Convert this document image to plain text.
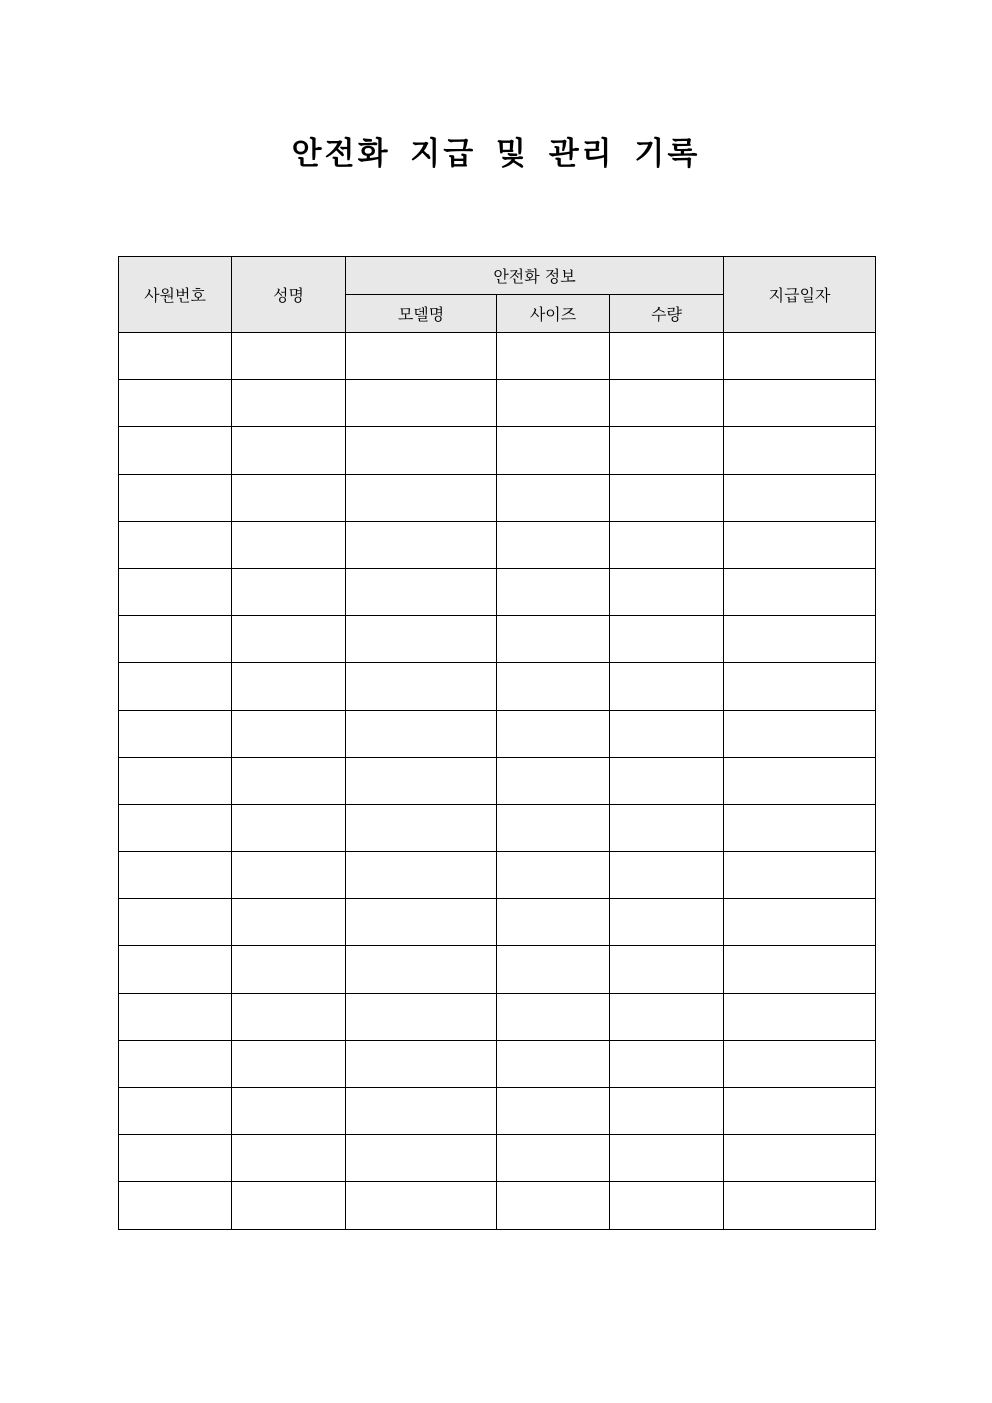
안전화 지급 및 관리 기록
사원번호	성명	안전화 정보			지급일자
		모델명	사이즈	수량	
